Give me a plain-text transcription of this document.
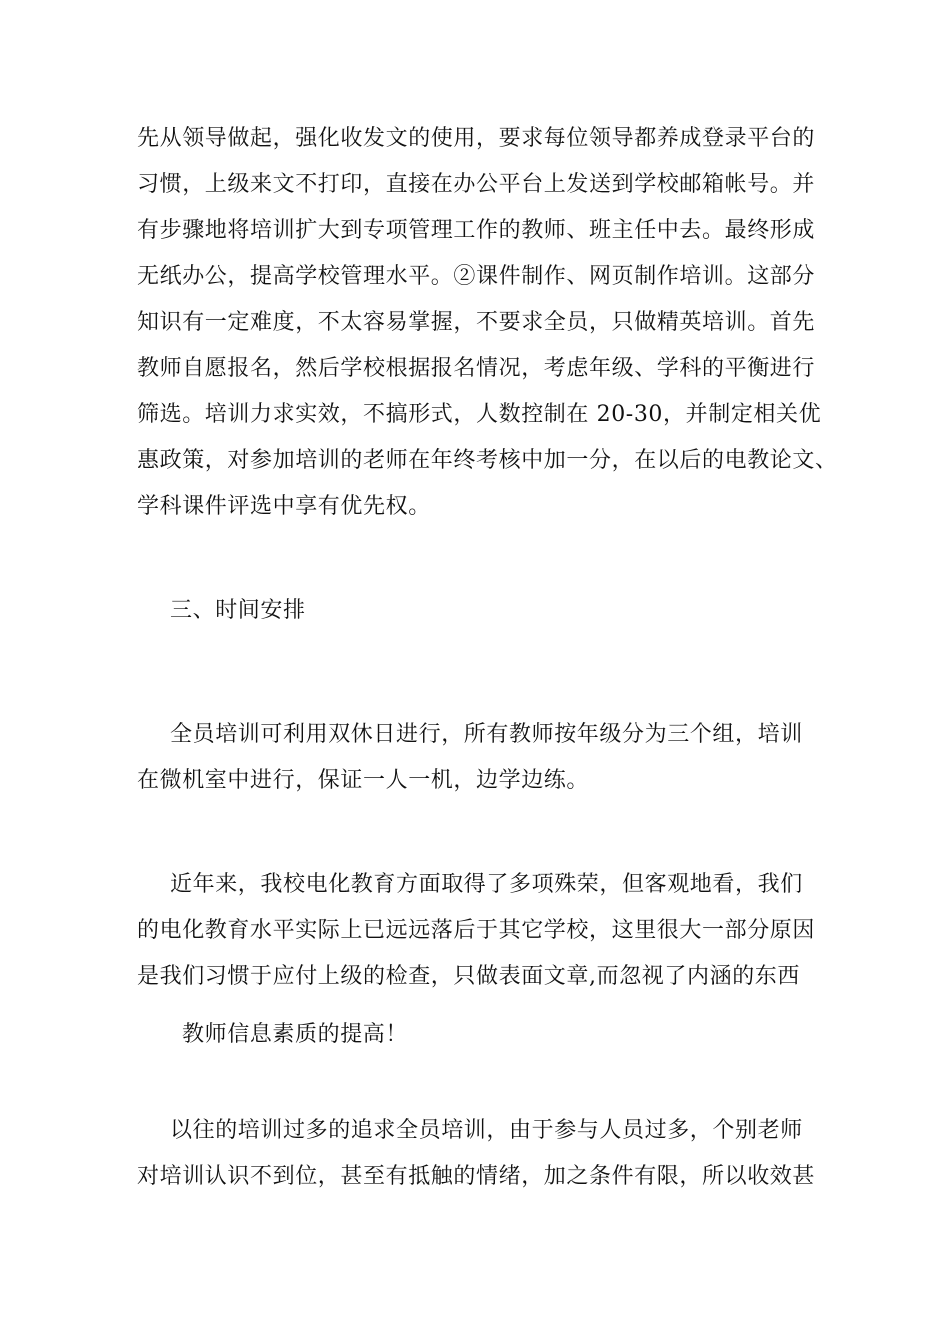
先从领导做起，强化收发文的使用，要求每位领导都养成登录平台的
习惯，上级来文不打印，直接在办公平台上发送到学校邮箱帐号。并
有步骤地将培训扩大到专项管理工作的教师、班主任中去。最终形成
无纸办公，提高学校管理水平。②课件制作、网页制作培训。这部分
知识有一定难度，不太容易掌握，不要求全员，只做精英培训。首先
教师自愿报名，然后学校根据报名情况，考虑年级、学科的平衡进行
筛选。培训力求实效，不搞形式，人数控制在 20-30，并制定相关优
惠政策，对参加培训的老师在年终考核中加一分，在以后的电教论文、
学科课件评选中享有优先权。
三、时间安排
全员培训可利用双休日进行，所有教师按年级分为三个组，培训
在微机室中进行，保证一人一机，边学边练。
近年来，我校电化教育方面取得了多项殊荣，但客观地看，我们
的电化教育水平实际上已远远落后于其它学校，这里很大一部分原因
是我们习惯于应付上级的检查，只做表面文章,而忽视了内涵的东西
教师信息素质的提高！
以往的培训过多的追求全员培训，由于参与人员过多，个别老师
对培训认识不到位，甚至有抵触的情绪，加之条件有限，所以收效甚
